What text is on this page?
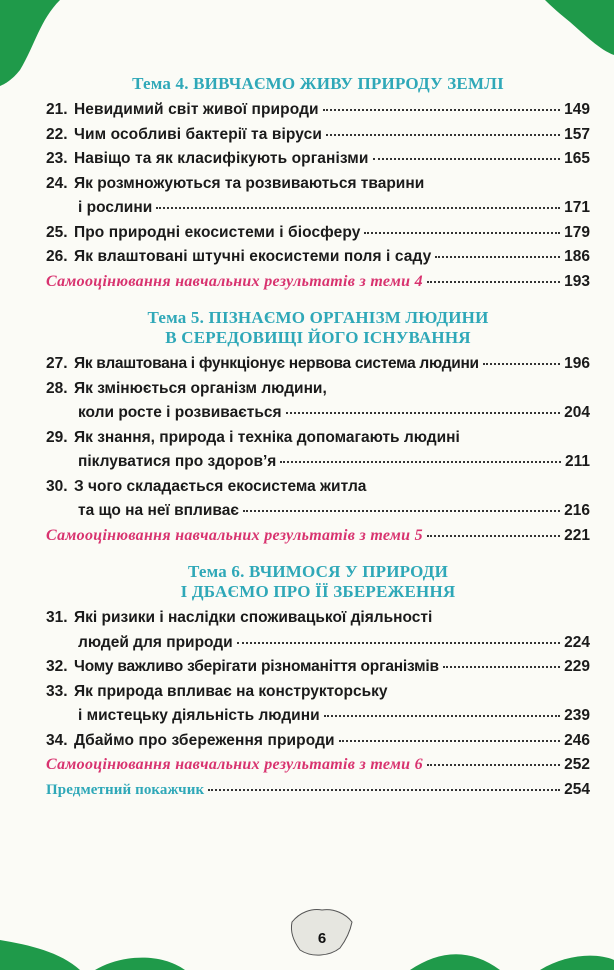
Тема 4. ВИВЧАЄМО ЖИВУ ПРИРОДУ ЗЕМЛІ
21. Невидимий світ живої природи	149
22. Чим особливі бактерії та віруси	157
23. Навіщо та як класифікують організми	165
24. Як розмножуються та розвиваються тварини
і рослини	171
25. Про природні екосистеми і біосферу	179
26. Як влаштовані штучні екосистеми поля і саду	186
Самооцінювання навчальних результатів з теми 4	193
Тема 5. ПІЗНАЄМО ОРГАНІЗМ ЛЮДИНИ
В СЕРЕДОВИЩІ ЙОГО ІСНУВАННЯ
27. Як влаштована і функціонує нервова система людини	196
28. Як змінюється організм людини,
коли росте і розвивається	204
29. Як знання, природа і техніка допомагають людині
піклуватися про здоров’я	211
30. З чого складається екосистема житла
та що на неї впливає	216
Самооцінювання навчальних результатів з теми 5	221
Тема 6. ВЧИМОСЯ У ПРИРОДИ
І ДБАЄМО ПРО ЇЇ ЗБЕРЕЖЕННЯ
31. Які ризики і наслідки споживацької діяльності
людей для природи	224
32. Чому важливо зберігати різноманіття організмів	229
33. Як природа впливає на конструкторську
і мистецьку діяльність людини	239
34. Дбаймо про збереження природи	246
Самооцінювання навчальних результатів з теми 6	252
Предметний покажчик	254
6
